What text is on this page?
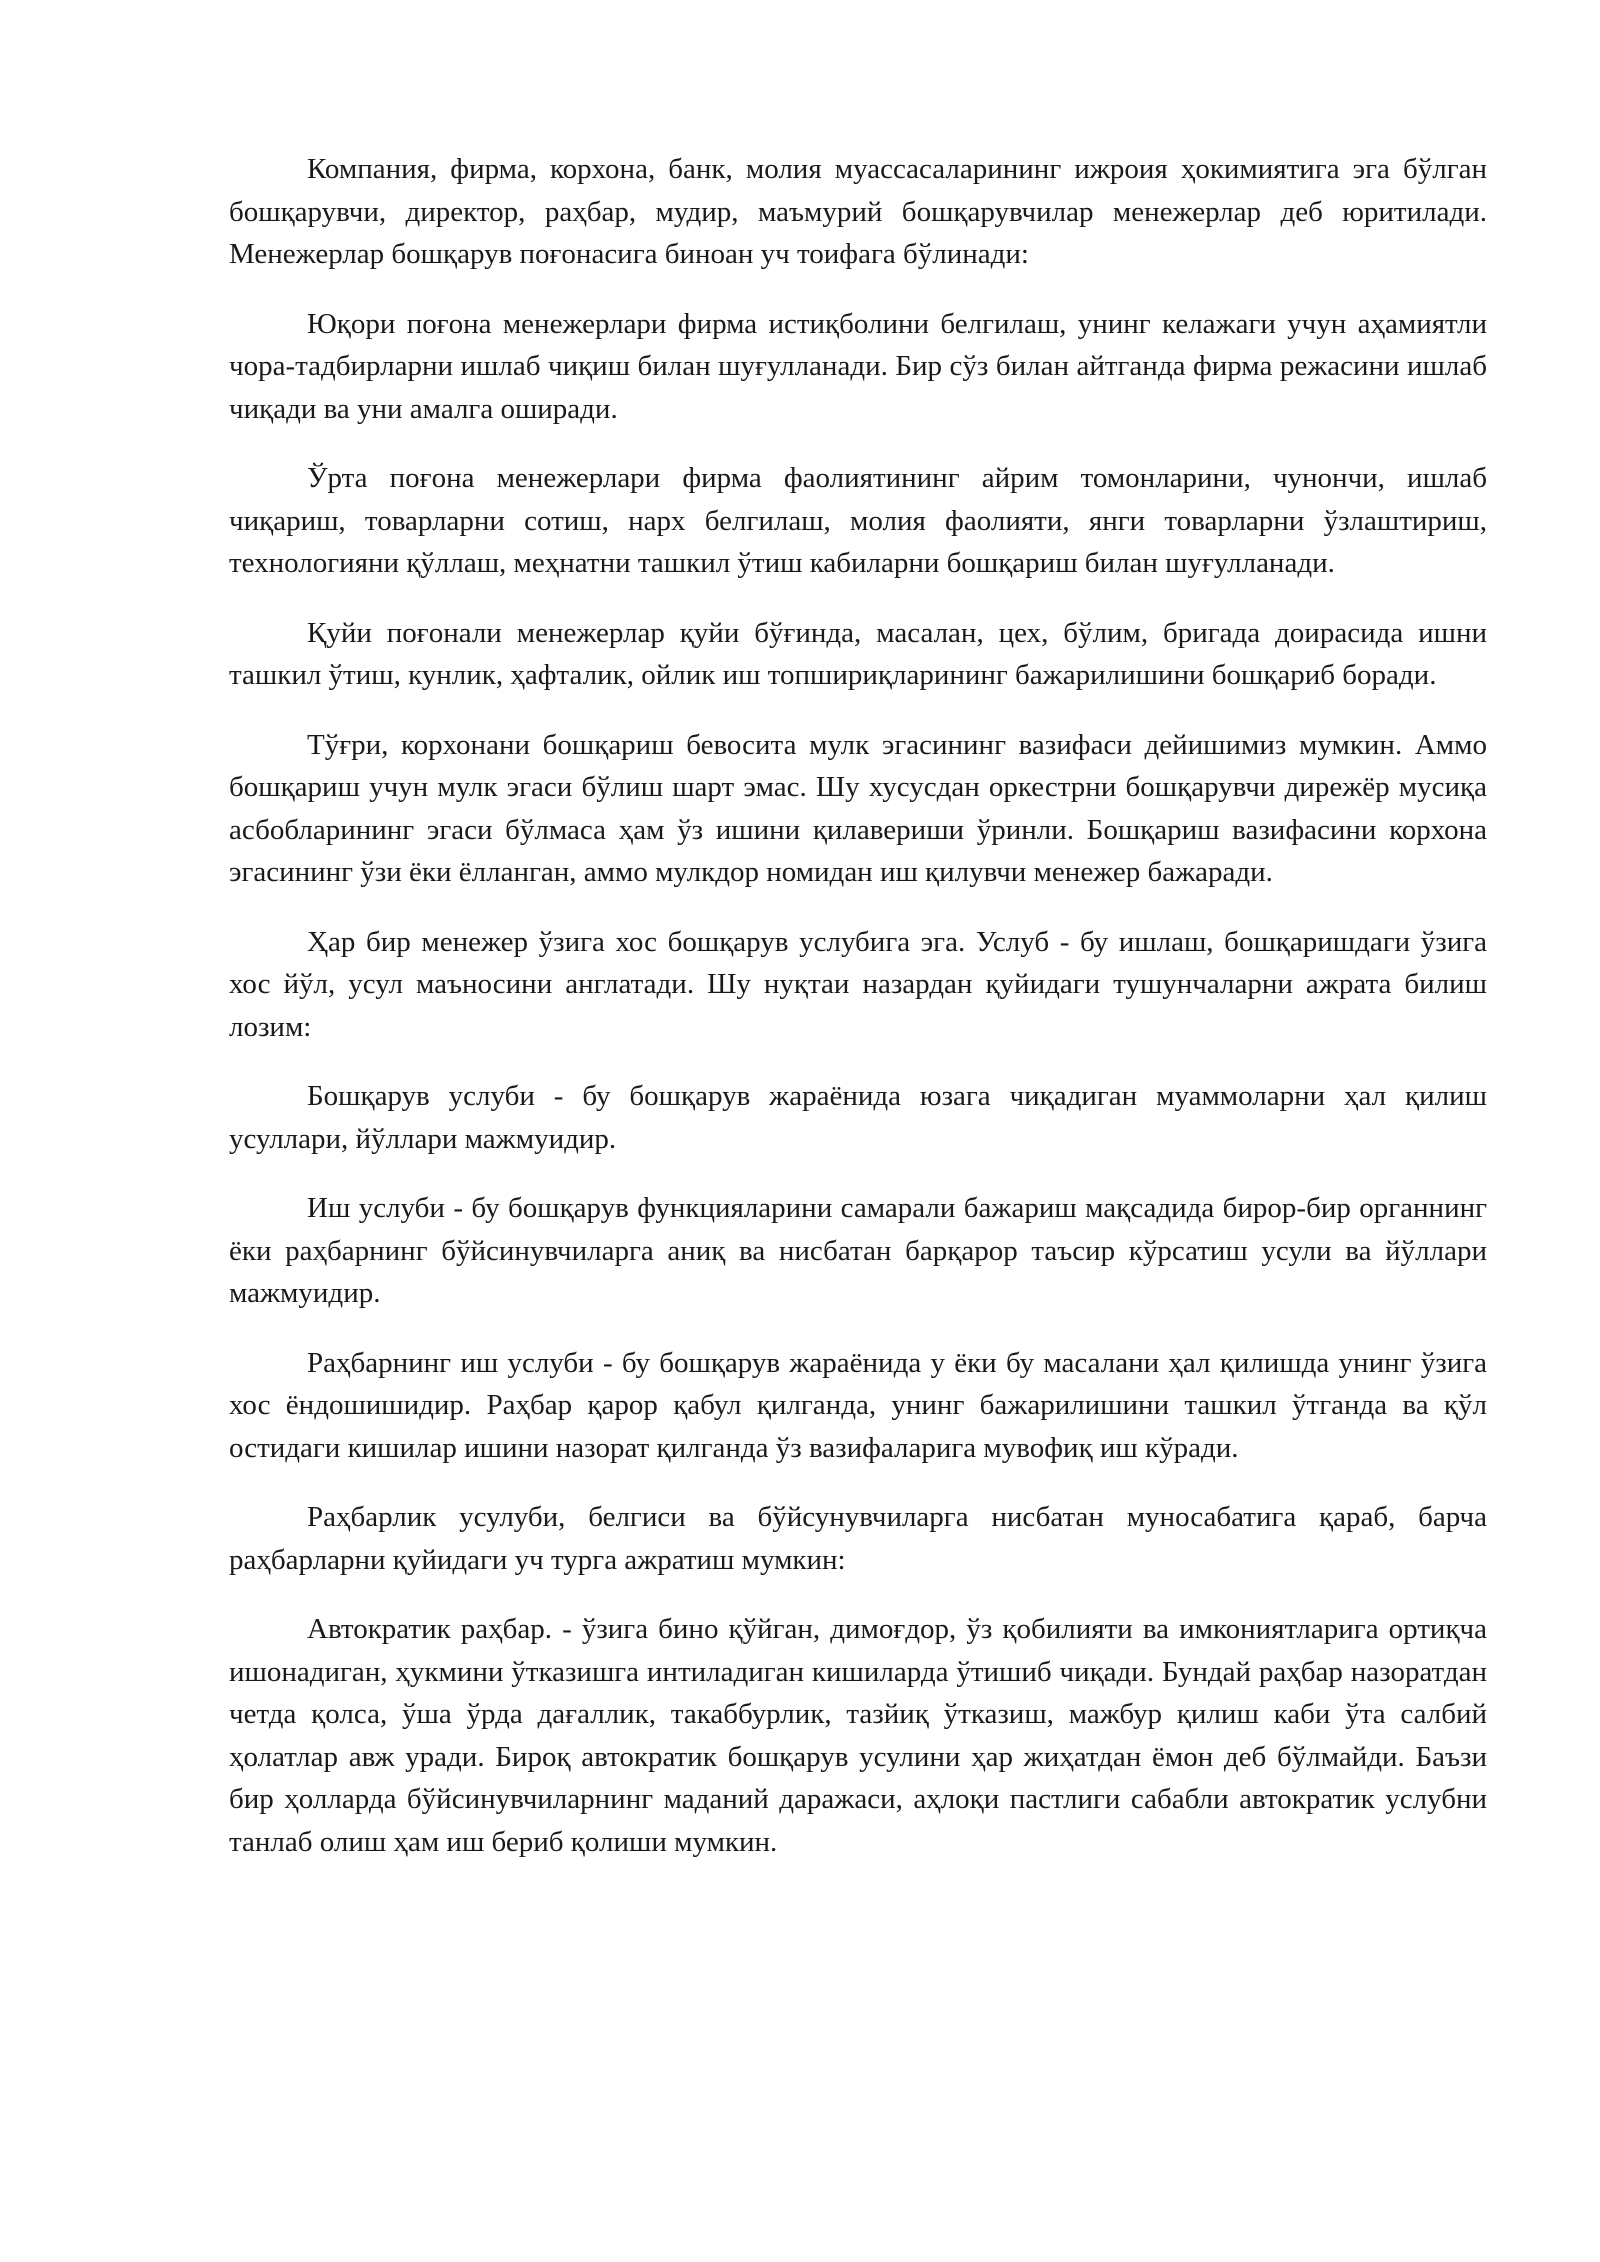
Компания, фирма, корхона, банк, молия муассасаларининг ижроия ҳокимиятига эга бўлган бошқарувчи, директор, раҳбар, мудир, маъмурий бошқарувчилар менежерлар деб юритилади. Менежерлар бошқарув поғонасига биноан уч тоифага бўлинади:

Юқори поғона менежерлари фирма истиқболини белгилаш, унинг келажаги учун аҳамиятли чора-тадбирларни ишлаб чиқиш билан шуғулланади. Бир сўз билан айтганда фирма режасини ишлаб чиқади ва уни амалга оширади.

Ўрта поғона менежерлари фирма фаолиятининг айрим томонларини, чунончи, ишлаб чиқариш, товарларни сотиш, нарх белгилаш, молия фаолияти, янги товарларни ўзлаштириш, технологияни қўллаш, меҳнатни ташкил ўтиш кабиларни бошқариш билан шуғулланади.

Қуйи поғонали менежерлар қуйи бўғинда, масалан, цех, бўлим, бригада доирасида ишни ташкил ўтиш, кунлик, ҳафталик, ойлик иш топшириқларининг бажарилишини бошқариб боради.

Тўғри, корхонани бошқариш бевосита мулк эгасининг вазифаси дейишимиз мумкин. Аммо бошқариш учун мулк эгаси бўлиш шарт эмас. Шу хусусдан оркестрни бошқарувчи дирежёр мусиқа асбобларининг эгаси бўлмаса ҳам ўз ишини қилавериши ўринли. Бошқариш вазифасини корхона эгасининг ўзи ёки ёлланган, аммо мулкдор номидан иш қилувчи менежер бажаради.

Ҳар бир менежер ўзига хос бошқарув услубига эга. Услуб - бу ишлаш, бошқаришдаги ўзига хос йўл, усул маъносини англатади. Шу нуқтаи назардан қуйидаги тушунчаларни ажрата билиш лозим:

Бошқарув услуби - бу бошқарув жараёнида юзага чиқадиган муаммоларни ҳал қилиш усуллари, йўллари мажмуидир.

Иш услуби - бу бошқарув функцияларини самарали бажариш мақсадида бирор-бир органнинг ёки раҳбарнинг бўйсинувчиларга аниқ ва нисбатан барқарор таъсир кўрсатиш усули ва йўллари мажмуидир.

Раҳбарнинг иш услуби - бу бошқарув жараёнида у ёки бу масалани ҳал қилишда унинг ўзига хос ёндошишидир. Раҳбар қарор қабул қилганда, унинг бажарилишини ташкил ўтганда ва қўл остидаги кишилар ишини назорат қилганда ўз вазифаларига мувофиқ иш кўради.

Раҳбарлик усулуби, белгиси ва бўйсунувчиларга нисбатан муносабатига қараб, барча раҳбарларни қуйидаги уч турга ажратиш мумкин:

Автократик раҳбар. - ўзига бино қўйган, димоғдор, ўз қобилияти ва имкониятларига ортиқча ишонадиган, ҳукмини ўтказишга интиладиган кишиларда ўтишиб чиқади. Бундай раҳбар назоратдан четда қолса, ўша ўрда дағаллик, такаббурлик, тазйиқ ўтказиш, мажбур қилиш каби ўта салбий ҳолатлар авж уради. Бироқ автократик бошқарув усулини ҳар жиҳатдан ёмон деб бўлмайди. Баъзи бир ҳолларда бўйсинувчиларнинг маданий даражаси, аҳлоқи пастлиги сабабли автократик услубни танлаб олиш ҳам иш бериб қолиши мумкин.
